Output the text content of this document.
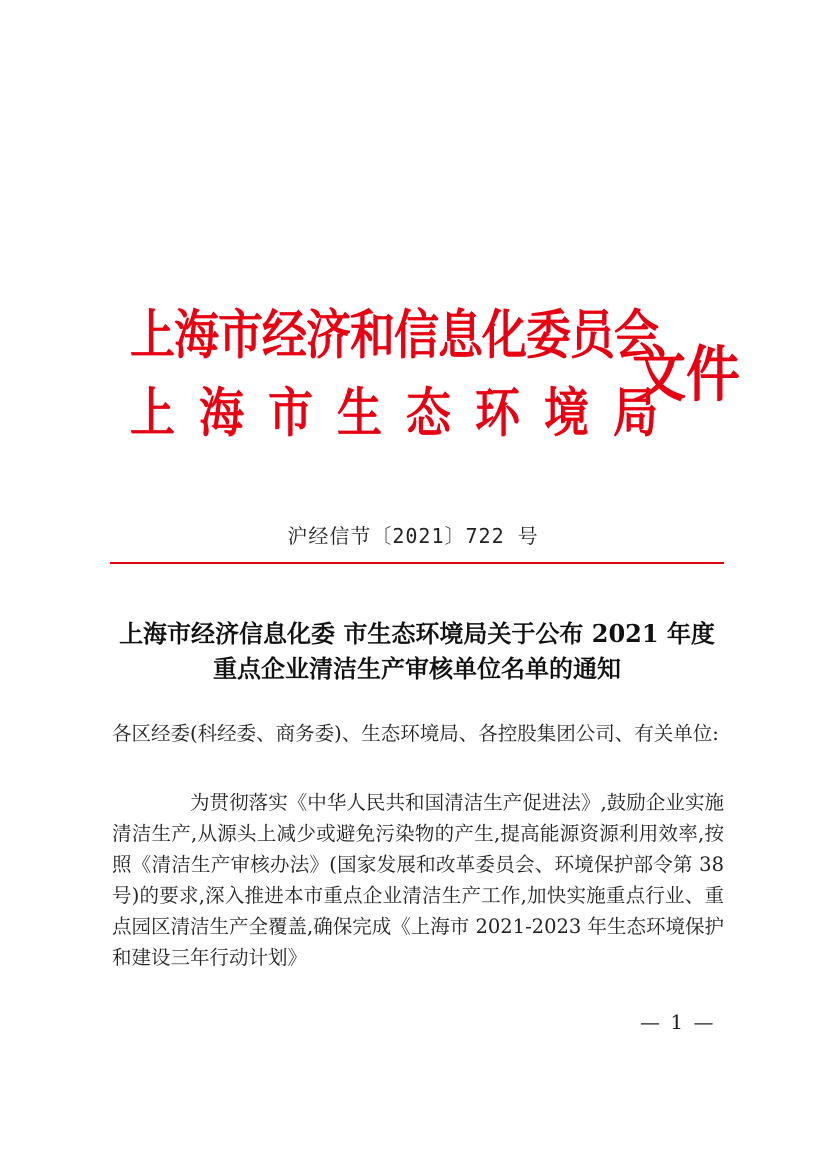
上海市经济和信息化委员会
上海市生态环境局
文件
沪经信节〔2021〕722 号
上海市经济信息化委 市生态环境局关于公布 2021 年度
重点企业清洁生产审核单位名单的通知
各区经委(科经委、商务委)、生态环境局、各控股集团公司、有关单位:
为贯彻落实《中华人民共和国清洁生产促进法》,鼓励企业实施清洁生产,从源头上减少或避免污染物的产生,提高能源资源利用效率,按照《清洁生产审核办法》(国家发展和改革委员会、环境保护部令第 38 号)的要求,深入推进本市重点企业清洁生产工作,加快实施重点行业、重点园区清洁生产全覆盖,确保完成《上海市 2021-2023 年生态环境保护和建设三年行动计划》
— 1 —
